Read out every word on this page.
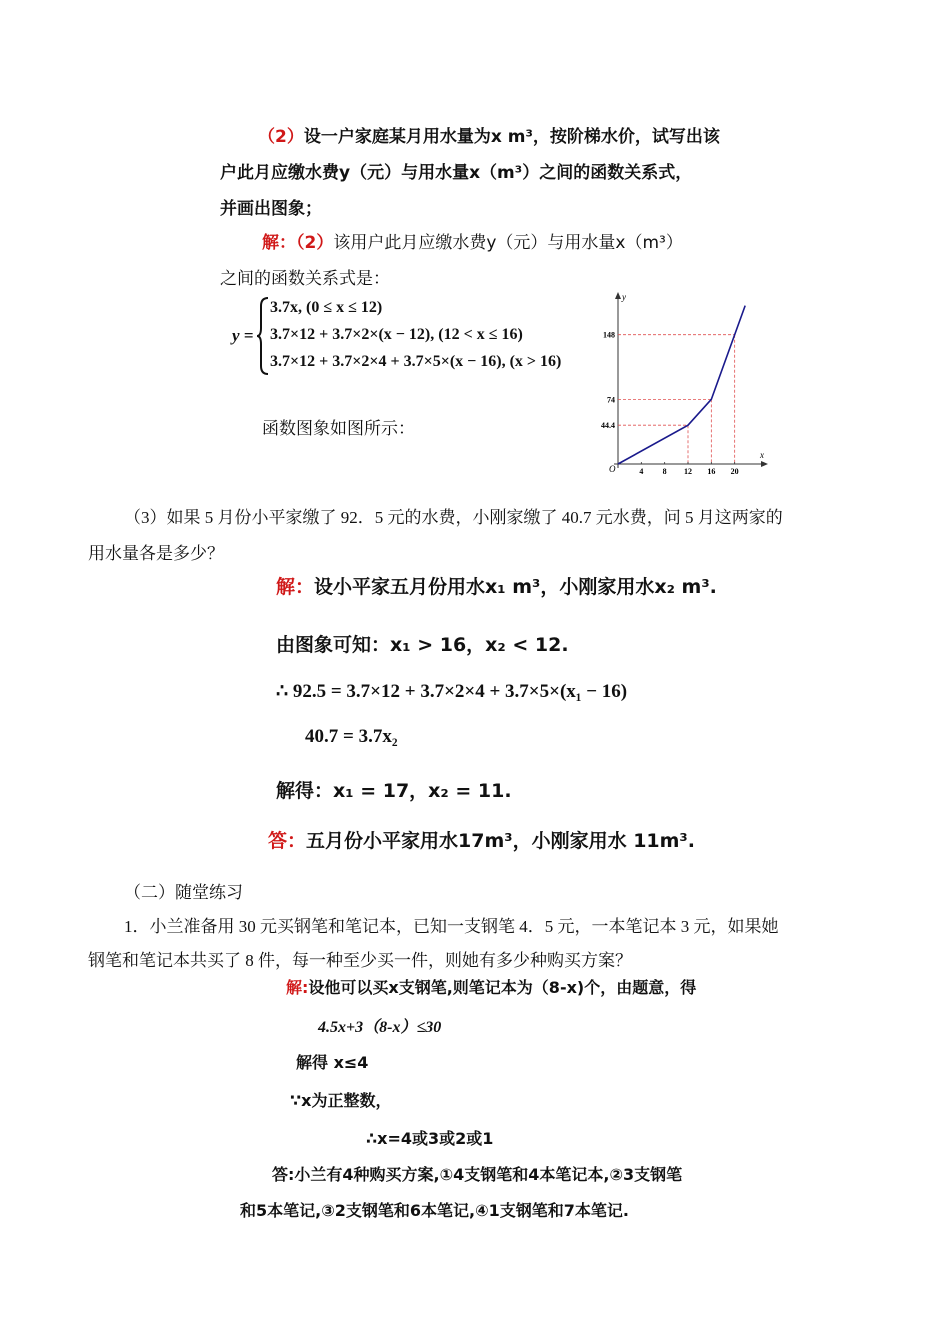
（2）设一户家庭某月用水量为x m³，按阶梯水价，试写出该
户此月应缴水费y（元）与用水量x（m³）之间的函数关系式，
并画出图象；
解：（2）该用户此月应缴水费y（元）与用水量x（m³）
之间的函数关系式是：
y =
3.7x, (0 ≤ x ≤ 12)
3.7×12 + 3.7×2×(x − 12), (12 < x ≤ 16)
3.7×12 + 3.7×2×4 + 3.7×5×(x − 16), (x > 16)
函数图象如图所示：
x
y
O	4 8 12 16 20
44.4
74
148
（3）如果 5 月份小平家缴了 92．5 元的水费，小刚家缴了 40.7 元水费，问 5 月这两家的
用水量各是多少？
解：设小平家五月份用水x₁ m³，小刚家用水x₂ m³.
由图象可知：x₁ > 16，x₂ < 12.
∴ 92.5 = 3.7×12 + 3.7×2×4 + 3.7×5×(x₁ − 16)
40.7 = 3.7x₂
解得：x₁ = 17，x₂ = 11.
答：五月份小平家用水17m³，小刚家用水 11m³.
（二）随堂练习
1．小兰准备用 30 元买钢笔和笔记本，已知一支钢笔 4．5 元，一本笔记本 3 元，如果她
钢笔和笔记本共买了 8 件，每一种至少买一件，则她有多少种购买方案？
解:设他可以买x支钢笔,则笔记本为（8-x)个，由题意，得
4.5x+3（8-x）≤30
解得 x≤4
∵x为正整数，
∴x=4或3或2或1
答:小兰有4种购买方案,①4支钢笔和4本笔记本,②3支钢笔
和5本笔记,③2支钢笔和6本笔记,④1支钢笔和7本笔记.
